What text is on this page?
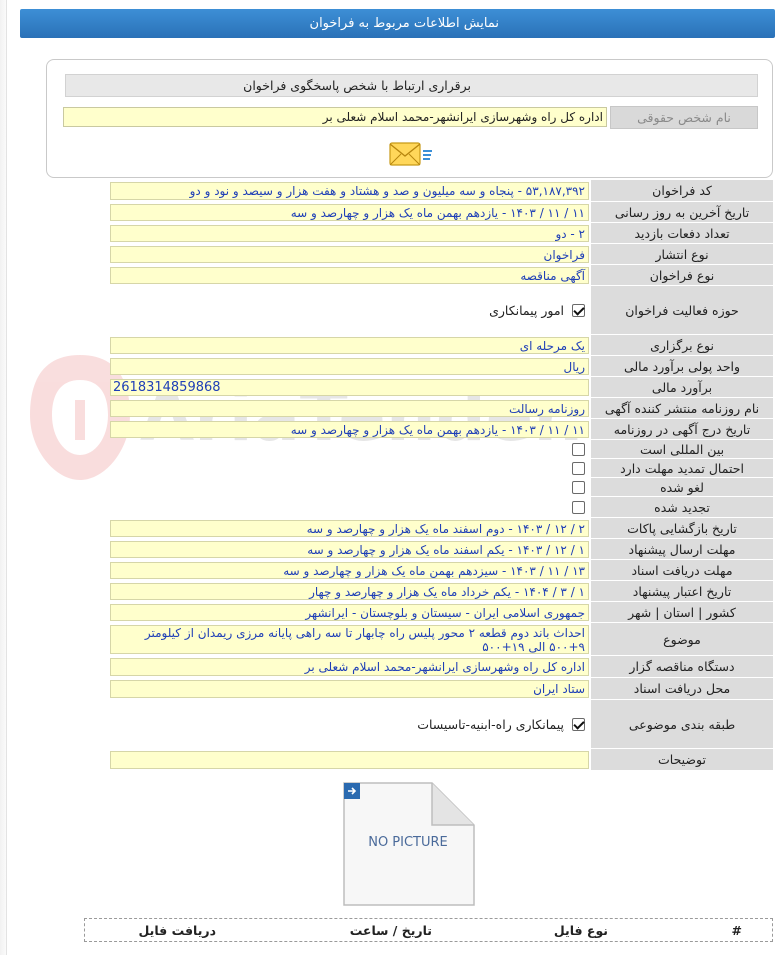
نمایش اطلاعات مربوط به فراخوان
برقراری ارتباط با شخص پاسخگوی فراخوان
نام شخص حقوقی
اداره کل راه وشهرسازی ایرانشهر-محمد اسلام شعلی بر
کد فراخوان
۵۳,۱۸۷,۳۹۲ - پنجاه و سه میلیون و صد و هشتاد و هفت هزار و سیصد و نود و دو
تاریخ آخرین به روز رسانی
۱۱ / ۱۱ / ۱۴۰۳ - یازدهم بهمن ماه یک هزار و چهارصد و سه
تعداد دفعات بازدید
۲ - دو
نوع انتشار
فراخوان
نوع فراخوان
آگهی مناقصه
حوزه فعالیت فراخوان
امور پیمانکاری
نوع برگزاری
یک مرحله ای
واحد پولی برآورد مالی
ریال
برآورد مالی
2618314859868
نام روزنامه منتشر کننده آگهی
روزنامه رسالت
تاریخ درج آگهی در روزنامه
۱۱ / ۱۱ / ۱۴۰۳ - یازدهم بهمن ماه یک هزار و چهارصد و سه
بین المللی است
احتمال تمدید مهلت دارد
لغو شده
تجدید شده
تاریخ بازگشایی پاکات
۲ / ۱۲ / ۱۴۰۳ - دوم اسفند ماه یک هزار و چهارصد و سه
مهلت ارسال پیشنهاد
۱ / ۱۲ / ۱۴۰۳ - یکم اسفند ماه یک هزار و چهارصد و سه
مهلت دریافت اسناد
۱۳ / ۱۱ / ۱۴۰۳ - سیزدهم بهمن ماه یک هزار و چهارصد و سه
تاریخ اعتبار پیشنهاد
۱ / ۳ / ۱۴۰۴ - یکم خرداد ماه یک هزار و چهارصد و چهار
کشور | استان | شهر
جمهوری اسلامی ایران - سیستان و بلوچستان - ایرانشهر
موضوع
احداث باند دوم قطعه ۲ محور پلیس راه چابهار تا سه راهی پایانه مرزی ریمدان از کیلومتر ۹+۵۰۰ الی ۱۹+۵۰۰
دستگاه مناقصه گزار
اداره کل راه وشهرسازی ایرانشهر-محمد اسلام شعلی بر
محل دریافت اسناد
ستاد ایران
طبقه بندی موضوعی
پیمانکاری راه-ابنیه-تاسیسات
توضیحات
NO PICTURE
#
نوع فایل
تاریخ / ساعت
دریافت فایل
